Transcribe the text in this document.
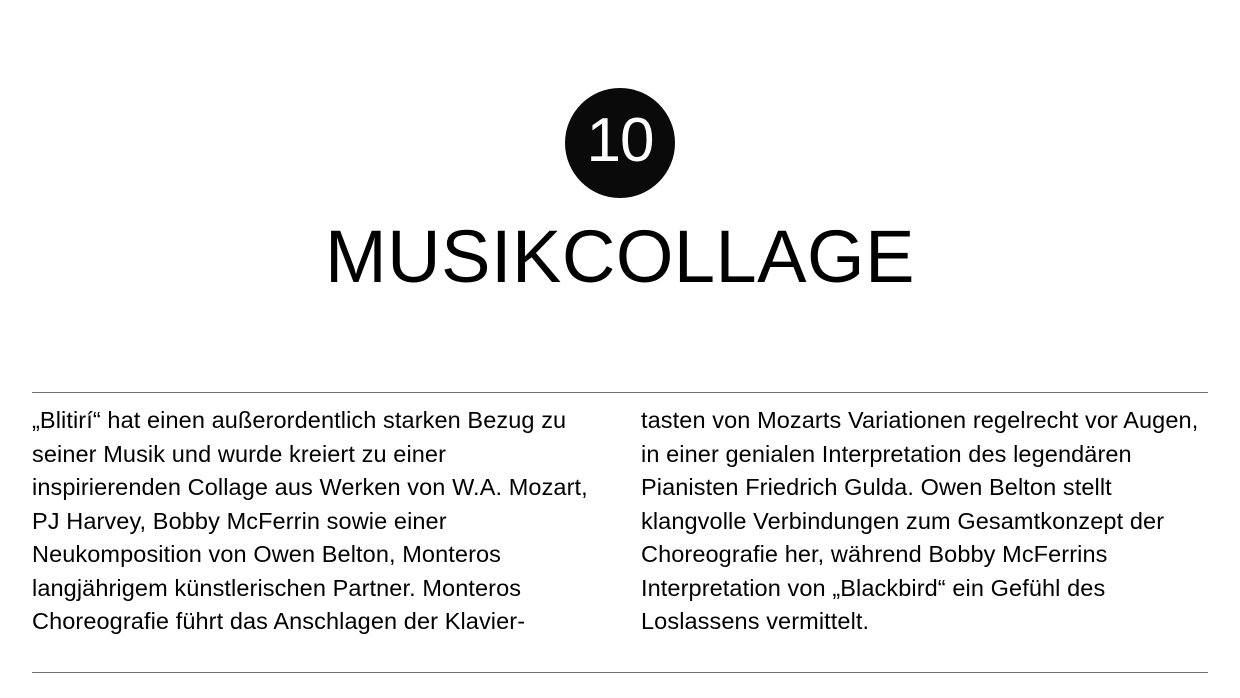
10
MUSIKCOLLAGE

„Blitirí“ hat einen außerordentlich starken Bezug zu seiner Musik und wurde kreiert zu einer inspirierenden Collage aus Werken von W.A. Mozart, PJ Harvey, Bobby McFerrin sowie einer Neukomposition von Owen Belton, Monteros langjährigem künstlerischen Partner. Monteros Choreografie führt das Anschlagen der Klavier-

tasten von Mozarts Variationen regelrecht vor Augen, in einer genialen Interpretation des legendären Pianisten Friedrich Gulda. Owen Belton stellt klangvolle Verbindungen zum Gesamtkonzept der Choreografie her, während Bobby McFerrins Interpretation von „Blackbird“ ein Gefühl des Loslassens vermittelt.
